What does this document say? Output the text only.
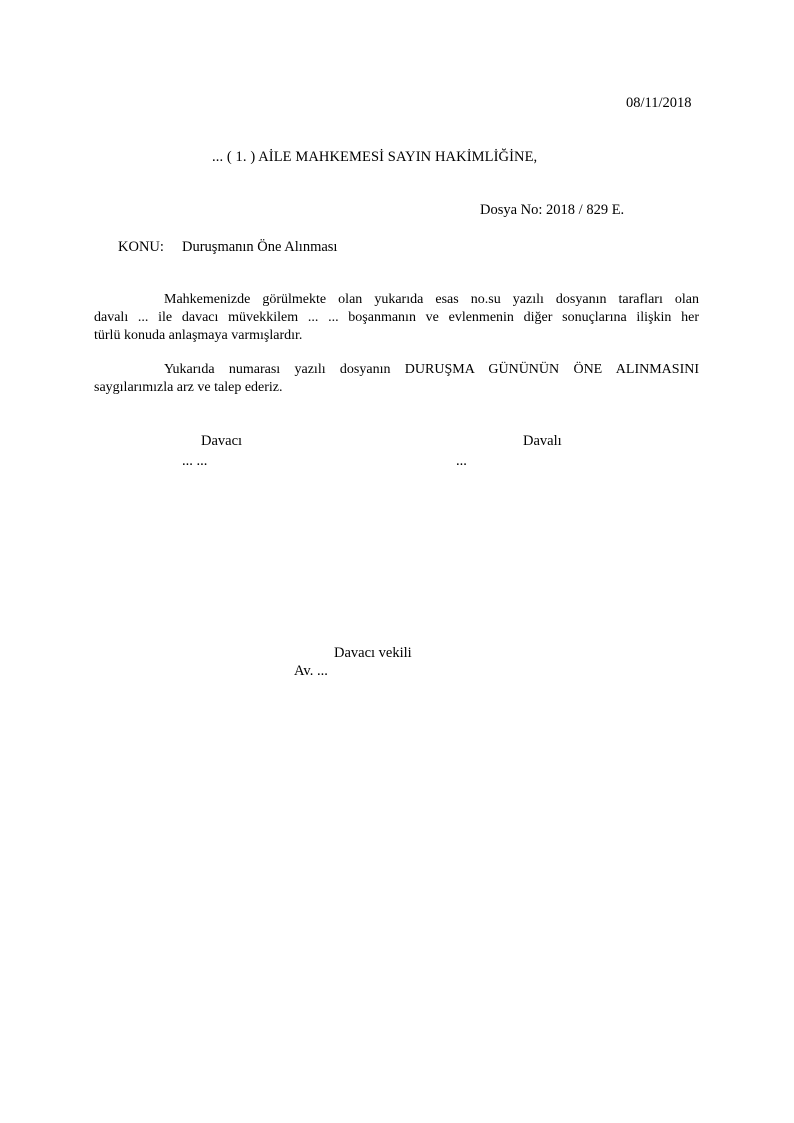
08/11/2018
... ( 1. ) AİLE MAHKEMESİ SAYIN HAKİMLİĞİNE,
Dosya No: 2018 / 829 E.
KONU: Duruşmanın Öne Alınması
Mahkemenizde görülmekte olan yukarıda esas no.su yazılı dosyanın tarafları olan
davalı ... ile davacı müvekkilem ... ... boşanmanın ve evlenmenin diğer sonuçlarına ilişkin her
türlü konuda anlaşmaya varmışlardır.
Yukarıda numarası yazılı dosyanın DURUŞMA GÜNÜNÜN ÖNE ALINMASINI
saygılarımızla arz ve talep ederiz.
Davacı
... ...
Davalı
...
Davacı vekili
Av. ...
